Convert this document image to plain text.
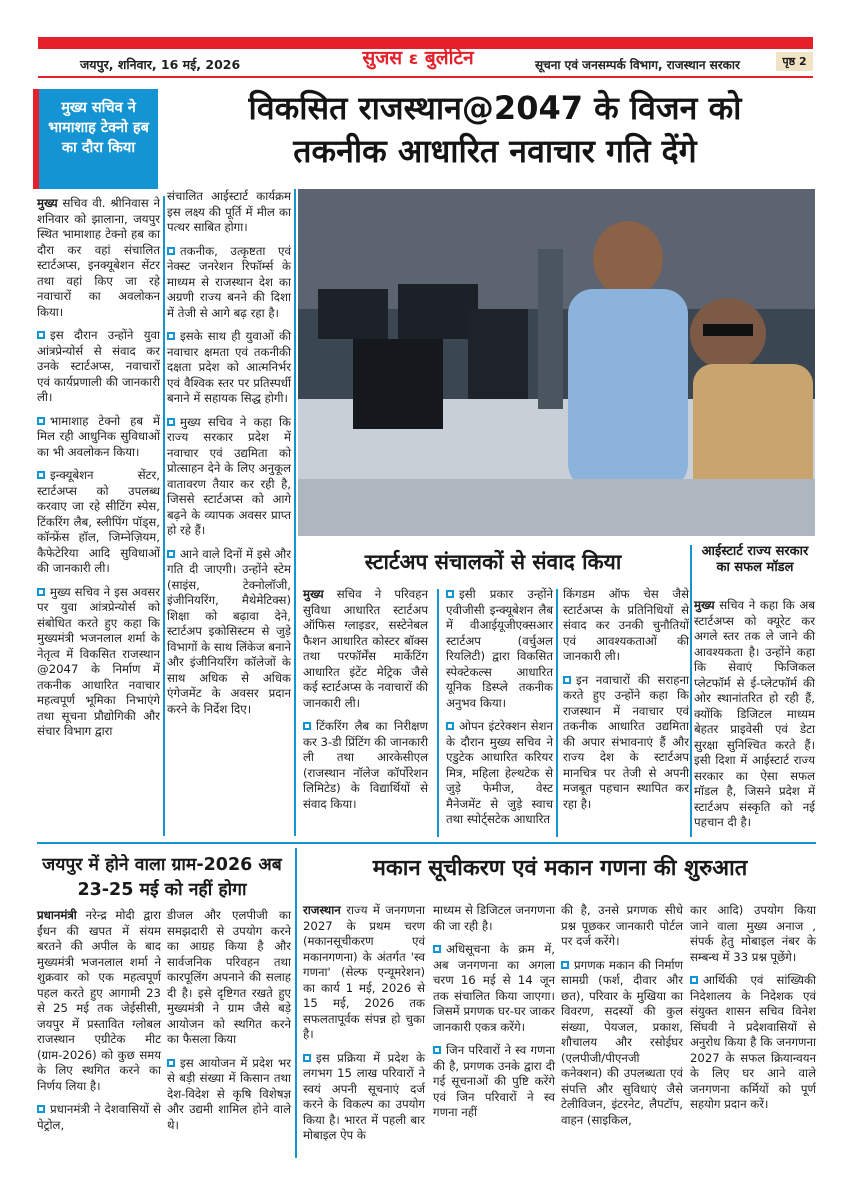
जयपुर, शनिवार, 16 मई, 2026	सुजस ε बुलेटिन	सूचना एवं जनसम्पर्क विभाग, राजस्थान सरकार	पृष्ठ 2
मुख्य सचिव ने भामाशाह टेक्नो हब का दौरा किया
विकसित राजस्थान@2047 के विजन को
तकनीक आधारित नवाचार गति देंगे

मुख्य सचिव वी. श्रीनिवास ने शनिवार को झालाना, जयपुर स्थित भामाशाह टेक्नो हब का दौरा कर वहां संचालित स्टार्टअप्स, इनक्यूबेशन सेंटर तथा वहां किए जा रहे नवाचारों का अवलोकन किया।

इस दौरान उन्होंने युवा आंत्रप्रेन्योर्स से संवाद कर उनके स्टार्टअप्स, नवाचारों एवं कार्यप्रणाली की जानकारी ली।

भामाशाह टेक्नो हब में मिल रही आधुनिक सुविधाओं का भी अवलोकन किया।

इन्क्यूबेशन सेंटर, स्टार्टअप्स को उपलब्ध करवाए जा रहे सीटिंग स्पेस, टिंकरिंग लैब, स्लीपिंग पॉड्स, कॉन्फ्रेंस हॉल, जिम्नेज़ियम, कैफेटेरिया आदि सुविधाओं की जानकारी ली।

मुख्य सचिव ने इस अवसर पर युवा आंत्रप्रेन्योर्स को संबोधित करते हुए कहा कि मुख्यमंत्री भजनलाल शर्मा के नेतृत्व में विकसित राजस्थान @2047 के निर्माण में तकनीक आधारित नवाचार महत्वपूर्ण भूमिका निभाएंगे तथा सूचना प्रौद्योगिकी और संचार विभाग द्वारा

संचालित आईस्टार्ट कार्यक्रम इस लक्ष्य की पूर्ति में मील का पत्थर साबित होगा।

तकनीक, उत्कृष्टता एवं नेक्स्ट जनरेशन रिफॉर्म्स के माध्यम से राजस्थान देश का अग्रणी राज्य बनने की दिशा में तेजी से आगे बढ़ रहा है।

इसके साथ ही युवाओं की नवाचार क्षमता एवं तकनीकी दक्षता प्रदेश को आत्मनिर्भर एवं वैश्विक स्तर पर प्रतिस्पर्धी बनाने में सहायक सिद्ध होगी।

मुख्य सचिव ने कहा कि राज्य सरकार प्रदेश में नवाचार एवं उद्यमिता को प्रोत्साहन देने के लिए अनुकूल वातावरण तैयार कर रही है, जिससे स्टार्टअप्स को आगे बढ़ने के व्यापक अवसर प्राप्त हो रहे हैं।

आने वाले दिनों में इसे और गति दी जाएगी। उन्होंने स्टेम (साइंस, टेक्नोलॉजी, इंजीनियरिंग, मैथेमेटिक्स) शिक्षा को बढ़ावा देने, स्टार्टअप इकोसिस्टम से जुड़े विभागों के साथ लिंकेज बनाने और इंजीनियरिंग कॉलेजों के साथ अधिक से अधिक एंगेजमेंट के अवसर प्रदान करने के निर्देश दिए।

स्टार्टअप संचालकों से संवाद किया

मुख्य सचिव ने परिवहन सुविधा आधारित स्टार्टअप ऑफिस ग्लाइडर, सस्टेनेबल फैशन आधारित कोस्टर बॉक्स तथा परफॉर्मेंस मार्केटिंग आधारित इंटेंट मेट्रिक जैसे कई स्टार्टअप्स के नवाचारों की जानकारी ली।

टिंकरिंग लैब का निरीक्षण कर 3-डी प्रिंटिंग की जानकारी ली तथा आरकेसीएल (राजस्थान नॉलेज कॉर्पोरेशन लिमिटेड) के विद्यार्थियों से संवाद किया।

इसी प्रकार उन्होंने एवीजीसी इन्क्यूबेशन लैब में वीआईयूजीएक्सआर स्टार्टअप (वर्चुअल रियलिटी) द्वारा विकसित स्पेक्टेकल्स आधारित यूनिक डिस्प्ले तकनीक अनुभव किया।

ओपन इंटरेक्शन सेशन के दौरान मुख्य सचिव ने एडुटेक आधारित करियर मित्र, महिला हेल्थटेक से जुड़े फेमीज, वेस्ट मैनेजमेंट से जुड़े स्वाच तथा स्पोर्ट्सटेक आधारित

किंगडम ऑफ चेस जैसे स्टार्टअप्स के प्रतिनिधियों से संवाद कर उनकी चुनौतियों एवं आवश्यकताओं की जानकारी ली।

इन नवाचारों की सराहना करते हुए उन्होंने कहा कि राजस्थान में नवाचार एवं तकनीक आधारित उद्यमिता की अपार संभावनाएं हैं और राज्य देश के स्टार्टअप मानचित्र पर तेजी से अपनी मजबूत पहचान स्थापित कर रहा है।

आईस्टार्ट राज्य सरकार का सफल मॉडल

मुख्य सचिव ने कहा कि अब स्टार्टअप्स को क्यूरेट कर अगले स्तर तक ले जाने की आवश्यकता है। उन्होंने कहा कि सेवाएं फिजिकल प्लेटफॉर्म से ई-प्लेटफॉर्म की ओर स्थानांतरित हो रही हैं, क्योंकि डिजिटल माध्यम बेहतर प्राइवेसी एवं डेटा सुरक्षा सुनिश्चित करते हैं। इसी दिशा में आईस्टार्ट राज्य सरकार का ऐसा सफल मॉडल है, जिसने प्रदेश में स्टार्टअप संस्कृति को नई पहचान दी है।

जयपुर में होने वाला ग्राम-2026 अब 23-25 मई को नहीं होगा

प्रधानमंत्री नरेन्द्र मोदी द्वारा ईंधन की खपत में संयम बरतने की अपील के बाद मुख्यमंत्री भजनलाल शर्मा ने शुक्रवार को एक महत्वपूर्ण पहल करते हुए आगामी 23 से 25 मई तक जेईसीसी, जयपुर में प्रस्तावित ग्लोबल राजस्थान एग्रीटेक मीट (ग्राम-2026) को कुछ समय के लिए स्थगित करने का निर्णय लिया है।

प्रधानमंत्री ने देशवासियों से पेट्रोल,

डीजल और एलपीजी का समझदारी से उपयोग करने का आग्रह किया है और सार्वजनिक परिवहन तथा कारपूलिंग अपनाने की सलाह दी है। इसे दृष्टिगत रखते हुए मुख्यमंत्री ने ग्राम जैसे बड़े आयोजन को स्थगित करने का फैसला किया

इस आयोजन में प्रदेश भर से बड़ी संख्या में किसान तथा देश-विदेश से कृषि विशेषज्ञ और उद्यमी शामिल होने वाले थे।

मकान सूचीकरण एवं मकान गणना की शुरुआत

राजस्थान राज्य में जनगणना 2027 के प्रथम चरण (मकानसूचीकरण एवं मकानगणना) के अंतर्गत 'स्व गणना' (सेल्फ एन्यूमरेशन) का कार्य 1 मई, 2026 से 15 मई, 2026 तक सफलतापूर्वक संपन्न हो चुका है।

इस प्रक्रिया में प्रदेश के लगभग 15 लाख परिवारों ने स्वयं अपनी सूचनाएं दर्ज करने के विकल्प का उपयोग किया है। भारत में पहली बार मोबाइल ऐप के

माध्यम से डिजिटल जनगणना की जा रही है।

अधिसूचना के क्रम में, अब जनगणना का अगला चरण 16 मई से 14 जून तक संचालित किया जाएगा। जिसमें प्रगणक घर-घर जाकर जानकारी एकत्र करेंगे।

जिन परिवारों ने स्व गणना की है, प्रगणक उनके द्वारा दी गई सूचनाओं की पुष्टि करेंगे एवं जिन परिवारों ने स्व गणना नहीं

की है, उनसे प्रगणक सीधे प्रश्न पूछकर जानकारी पोर्टल पर दर्ज करेंगे।

प्रगणक मकान की निर्माण सामग्री (फर्श, दीवार और छत), परिवार के मुखिया का विवरण, सदस्यों की कुल संख्या, पेयजल, प्रकाश, शौचालय और रसोईघर (एलपीजी/पीएनजी कनेक्शन) की उपलब्धता एवं संपत्ति और सुविधाएं जैसे टेलीविजन, इंटरनेट, लैपटॉप, वाहन (साइकिल,

कार आदि) उपयोग किया जाने वाला मुख्य अनाज , संपर्क हेतु मोबाइल नंबर के सम्बन्ध में 33 प्रश्न पूछेंगे।

आर्थिकी एवं सांख्यिकी निदेशालय के निदेशक एवं संयुक्त शासन सचिव विनेश सिंघवी ने प्रदेशवासियों से अनुरोध किया है कि जनगणना 2027 के सफल क्रियान्वयन के लिए घर आने वाले जनगणना कर्मियों को पूर्ण सहयोग प्रदान करें।
